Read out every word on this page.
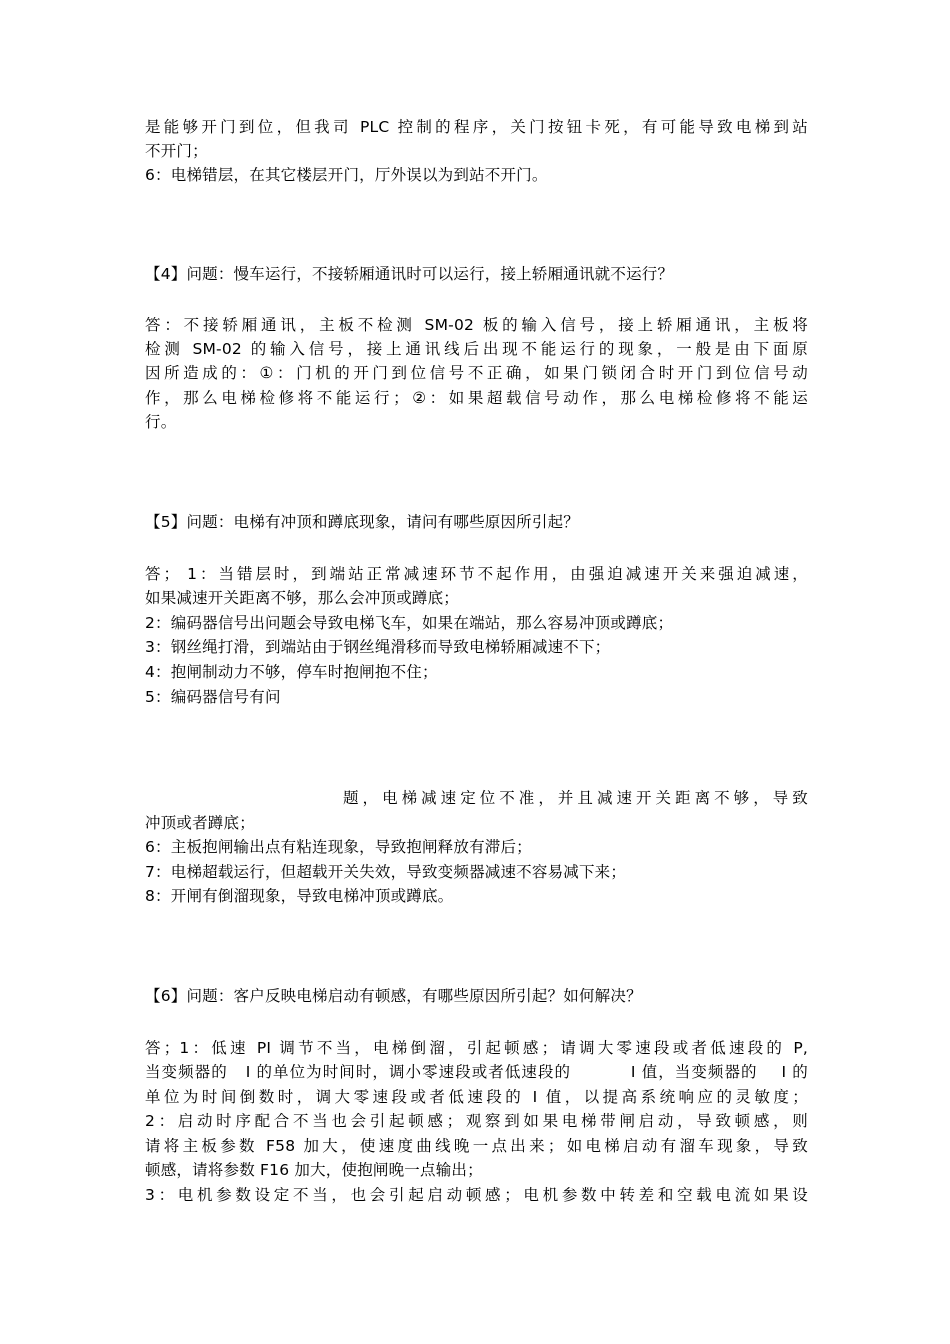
是能够开门到位，但我司 PLC 控制的程序，关门按钮卡死，有可能导致电梯到站
不开门；
6：电梯错层，在其它楼层开门，厅外误以为到站不开门。
【4】问题：慢车运行，不接轿厢通讯时可以运行，接上轿厢通讯就不运行？
答：不接轿厢通讯，主板不检测 SM-02 板的输入信号，接上轿厢通讯，主板将
检测 SM-02 的输入信号，接上通讯线后出现不能运行的现象，一般是由下面原
因所造成的：①：门机的开门到位信号不正确，如果门锁闭合时开门到位信号动
作，那么电梯检修将不能运行；②：如果超载信号动作，那么电梯检修将不能运
行。
【5】问题：电梯有冲顶和蹲底现象，请问有哪些原因所引起？
答； 1：当错层时，到端站正常减速环节不起作用，由强迫减速开关来强迫减速，
如果减速开关距离不够，那么会冲顶或蹲底；
2：编码器信号出问题会导致电梯飞车，如果在端站，那么容易冲顶或蹲底；
3：钢丝绳打滑，到端站由于钢丝绳滑移而导致电梯轿厢减速不下；
4：抱闸制动力不够，停车时抱闸抱不住；
5：编码器信号有问
题，电梯减速定位不准，并且减速开关距离不够，导致
冲顶或者蹲底；
6：主板抱闸输出点有粘连现象，导致抱闸释放有滞后；
7：电梯超载运行，但超载开关失效，导致变频器减速不容易减下来；
8：开闸有倒溜现象，导致电梯冲顶或蹲底。
【6】问题：客户反映电梯启动有顿感，有哪些原因所引起？如何解决？
答；1：低速 PI 调节不当，电梯倒溜，引起顿感；请调大零速段或者低速段的 P,
当变频器的   I 的单位为时间时，调小零速段或者低速段的          I 值，当变频器的    I 的
单位为时间倒数时，调大零速段或者低速段的 I 值，以提高系统响应的灵敏度；
2：启动时序配合不当也会引起顿感；观察到如果电梯带闸启动，导致顿感，则
请将主板参数 F58 加大，使速度曲线晚一点出来；如电梯启动有溜车现象，导致
顿感，请将参数 F16 加大，使抱闸晚一点输出；
3：电机参数设定不当，也会引起启动顿感；电机参数中转差和空载电流如果设
